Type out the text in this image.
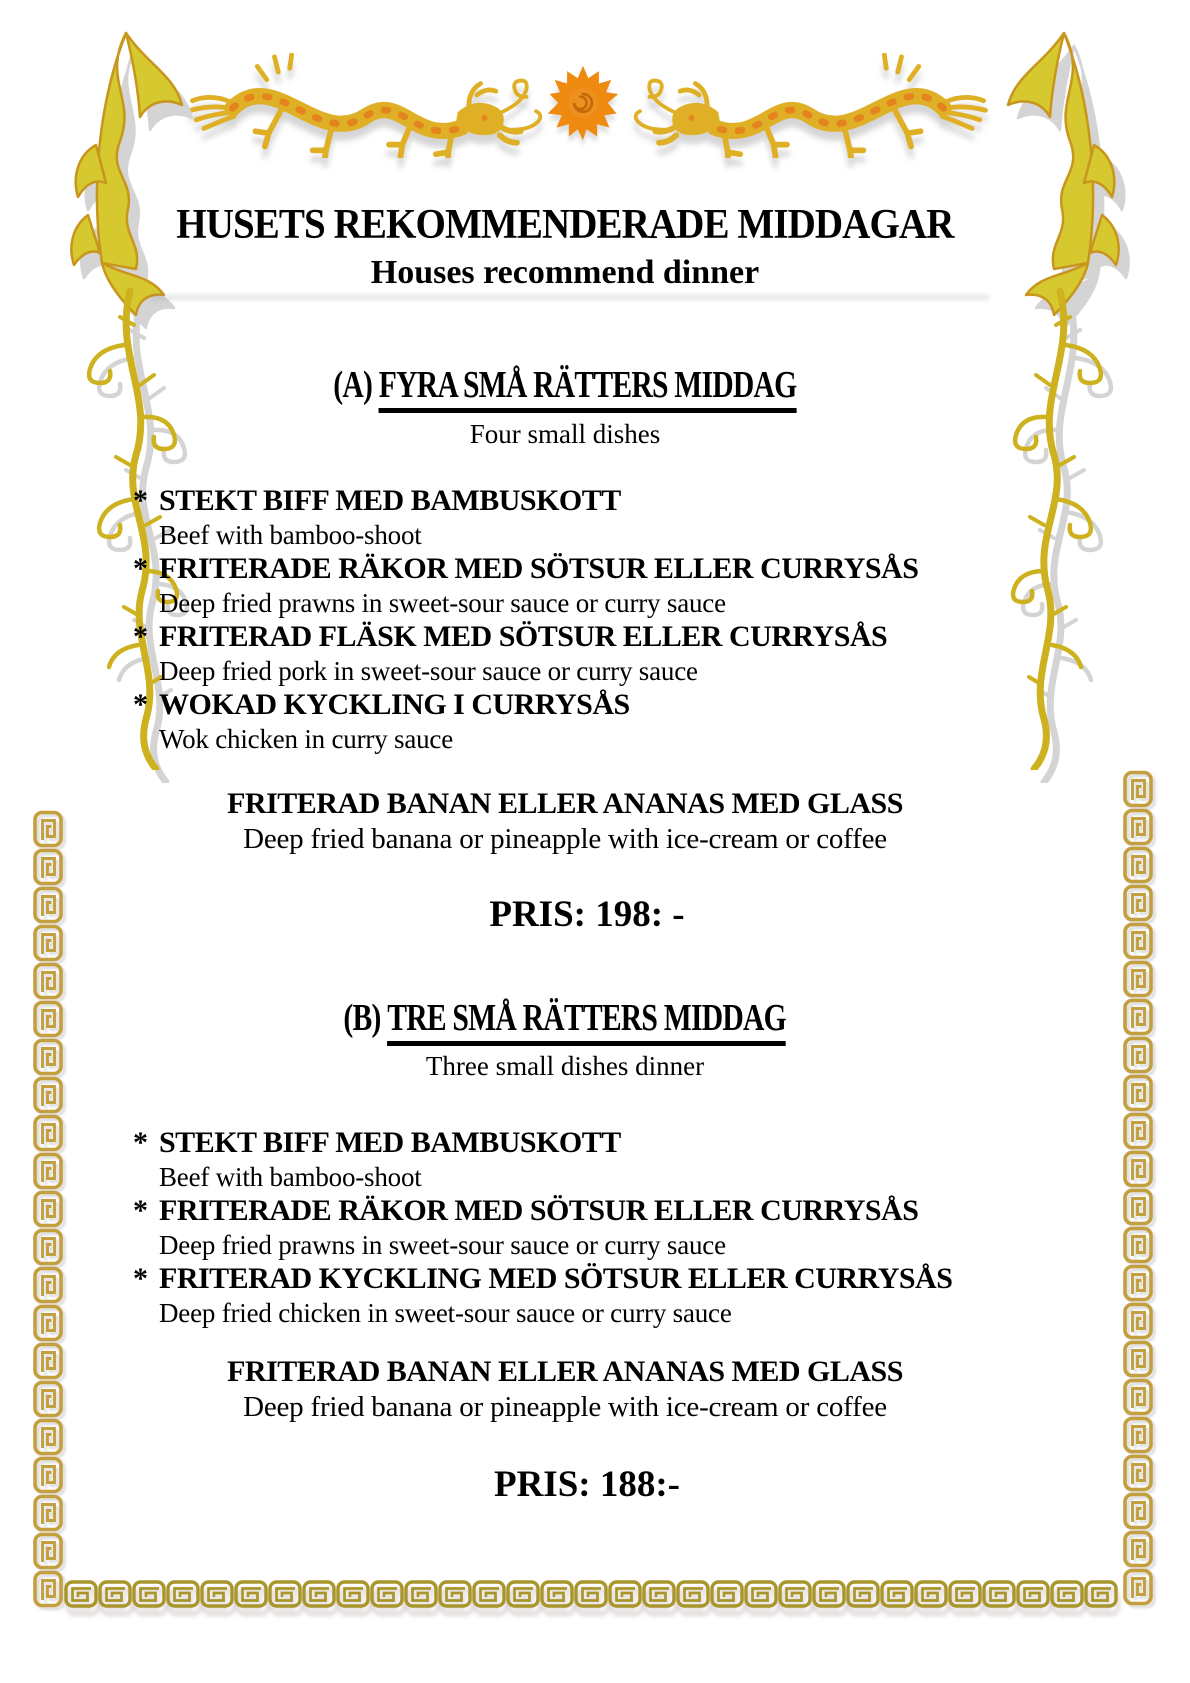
HUSETS REKOMMENDERADE MIDDAGAR
Houses recommend dinner
(A) FYRA SMÅ RÄTTERS MIDDAG
Four small dishes
* STEKT BIFF MED BAMBUSKOTT
Beef with bamboo-shoot
* FRITERADE RÄKOR MED SÖTSUR ELLER CURRYSÅS
Deep fried prawns in sweet-sour sauce or curry sauce
* FRITERAD FLÄSK MED SÖTSUR ELLER CURRYSÅS
Deep fried pork in sweet-sour sauce or curry sauce
* WOKAD KYCKLING I CURRYSÅS
Wok chicken in curry sauce
FRITERAD BANAN ELLER ANANAS MED GLASS
Deep fried banana or pineapple with ice-cream or coffee
PRIS: 198: -
(B) TRE SMÅ RÄTTERS MIDDAG
Three small dishes dinner
* STEKT BIFF MED BAMBUSKOTT
Beef with bamboo-shoot
* FRITERADE RÄKOR MED SÖTSUR ELLER CURRYSÅS
Deep fried prawns in sweet-sour sauce or curry sauce
* FRITERAD KYCKLING MED SÖTSUR ELLER CURRYSÅS
Deep fried chicken in sweet-sour sauce or curry sauce
FRITERAD BANAN ELLER ANANAS MED GLASS
Deep fried banana or pineapple with ice-cream or coffee
PRIS: 188:-
